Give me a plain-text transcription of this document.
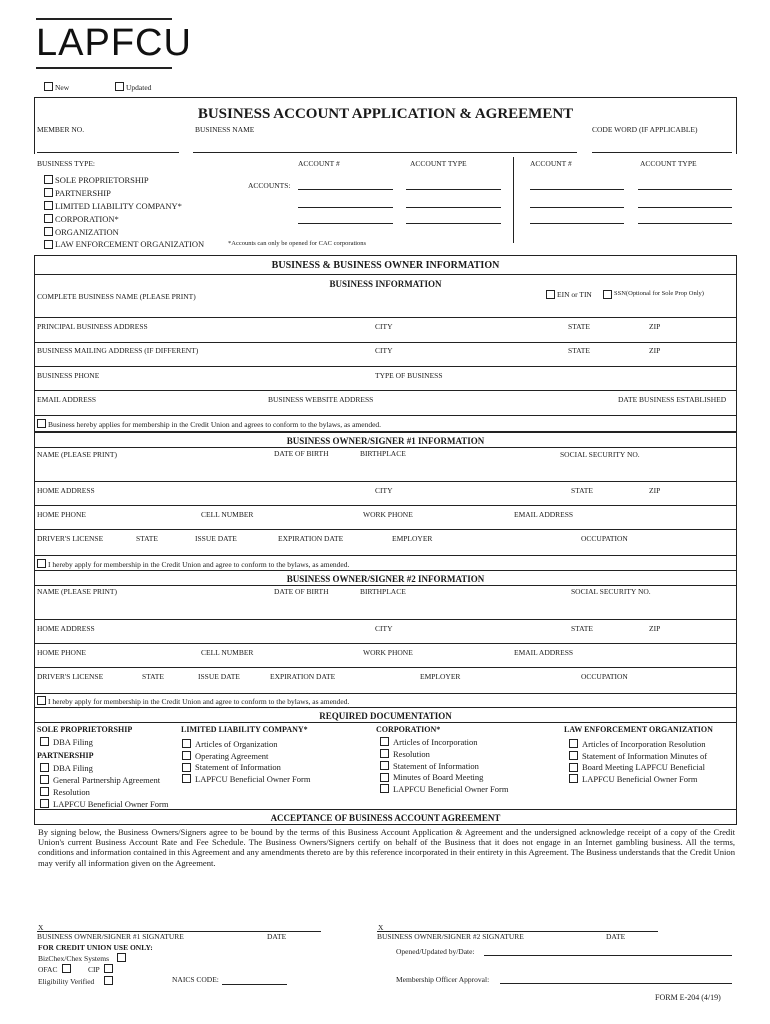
LAPFCU
New	Updated
BUSINESS ACCOUNT APPLICATION & AGREEMENT
MEMBER NO.	BUSINESS NAME	CODE WORD (IF APPLICABLE)
BUSINESS TYPE:	ACCOUNT #	ACCOUNT TYPE	ACCOUNT #	ACCOUNT TYPE
SOLE PROPRIETORSHIP
PARTNERSHIP
LIMITED LIABILITY COMPANY*
CORPORATION*
ORGANIZATION
LAW ENFORCEMENT ORGANIZATION
ACCOUNTS:
*Accounts can only be opened for CAC corporations
BUSINESS & BUSINESS OWNER INFORMATION
BUSINESS INFORMATION
COMPLETE BUSINESS NAME (PLEASE PRINT)	EIN or TIN	SSN(Optional for Sole Prop Only)
PRINCIPAL BUSINESS ADDRESS	CITY	STATE	ZIP
BUSINESS MAILING ADDRESS (IF DIFFERENT)	CITY	STATE	ZIP
BUSINESS PHONE	TYPE OF BUSINESS
EMAIL ADDRESS	BUSINESS WEBSITE ADDRESS	DATE BUSINESS ESTABLISHED
Business hereby applies for membership in the Credit Union and agrees to conform to the bylaws, as amended.
BUSINESS OWNER/SIGNER #1 INFORMATION
NAME (PLEASE PRINT)	DATE OF BIRTH	BIRTHPLACE	SOCIAL SECURITY NO.
HOME ADDRESS	CITY	STATE	ZIP
HOME PHONE	CELL NUMBER	WORK PHONE	EMAIL ADDRESS
DRIVER'S LICENSE	STATE	ISSUE DATE	EXPIRATION DATE	EMPLOYER	OCCUPATION
I hereby apply for membership in the Credit Union and agree to conform to the bylaws, as amended.
BUSINESS OWNER/SIGNER #2 INFORMATION
NAME (PLEASE PRINT)	DATE OF BIRTH	BIRTHPLACE	SOCIAL SECURITY NO.
HOME ADDRESS	CITY	STATE	ZIP
HOME PHONE	CELL NUMBER	WORK PHONE	EMAIL ADDRESS
DRIVER'S LICENSE	STATE	ISSUE DATE	EXPIRATION DATE	EMPLOYER	OCCUPATION
I hereby apply for membership in the Credit Union and agree to conform to the bylaws, as amended.
REQUIRED DOCUMENTATION
SOLE PROPRIETORSHIP
DBA Filing
PARTNERSHIP
DBA Filing
General Partnership Agreement
Resolution
LAPFCU Beneficial Owner Form
LIMITED LIABILITY COMPANY*
Articles of Organization
Operating Agreement
Statement of Information
LAPFCU Beneficial Owner Form
CORPORATION*
Articles of Incorporation
Resolution
Statement of Information
Minutes of Board Meeting
LAPFCU Beneficial Owner Form
LAW ENFORCEMENT ORGANIZATION
Articles of Incorporation Resolution
Statement of Information Minutes of
Board Meeting LAPFCU Beneficial
LAPFCU Beneficial Owner Form
ACCEPTANCE OF BUSINESS ACCOUNT AGREEMENT
By signing below, the Business Owners/Signers agree to be bound by the terms of this Business Account Application & Agreement and the undersigned acknowledge receipt of a copy of the Credit Union's current Business Account Rate and Fee Schedule. The Business Owners/Signers certify on behalf of the Business that it does not engage in an Internet gambling business. All the terms, conditions and information contained in this Agreement and any amendments thereto are by this reference incorporated in their entirety in this Agreement. The Business understands that the Credit Union may verify all information given on the Agreement.
X
BUSINESS OWNER/SIGNER #1 SIGNATURE	DATE
X
BUSINESS OWNER/SIGNER #2 SIGNATURE	DATE
FOR CREDIT UNION USE ONLY:
BizChex/Chex Systems
OFAC	CIP
Eligibility Verified	NAICS CODE:
Opened/Updated by/Date:
Membership Officer Approval:
FORM E-204 (4/19)
